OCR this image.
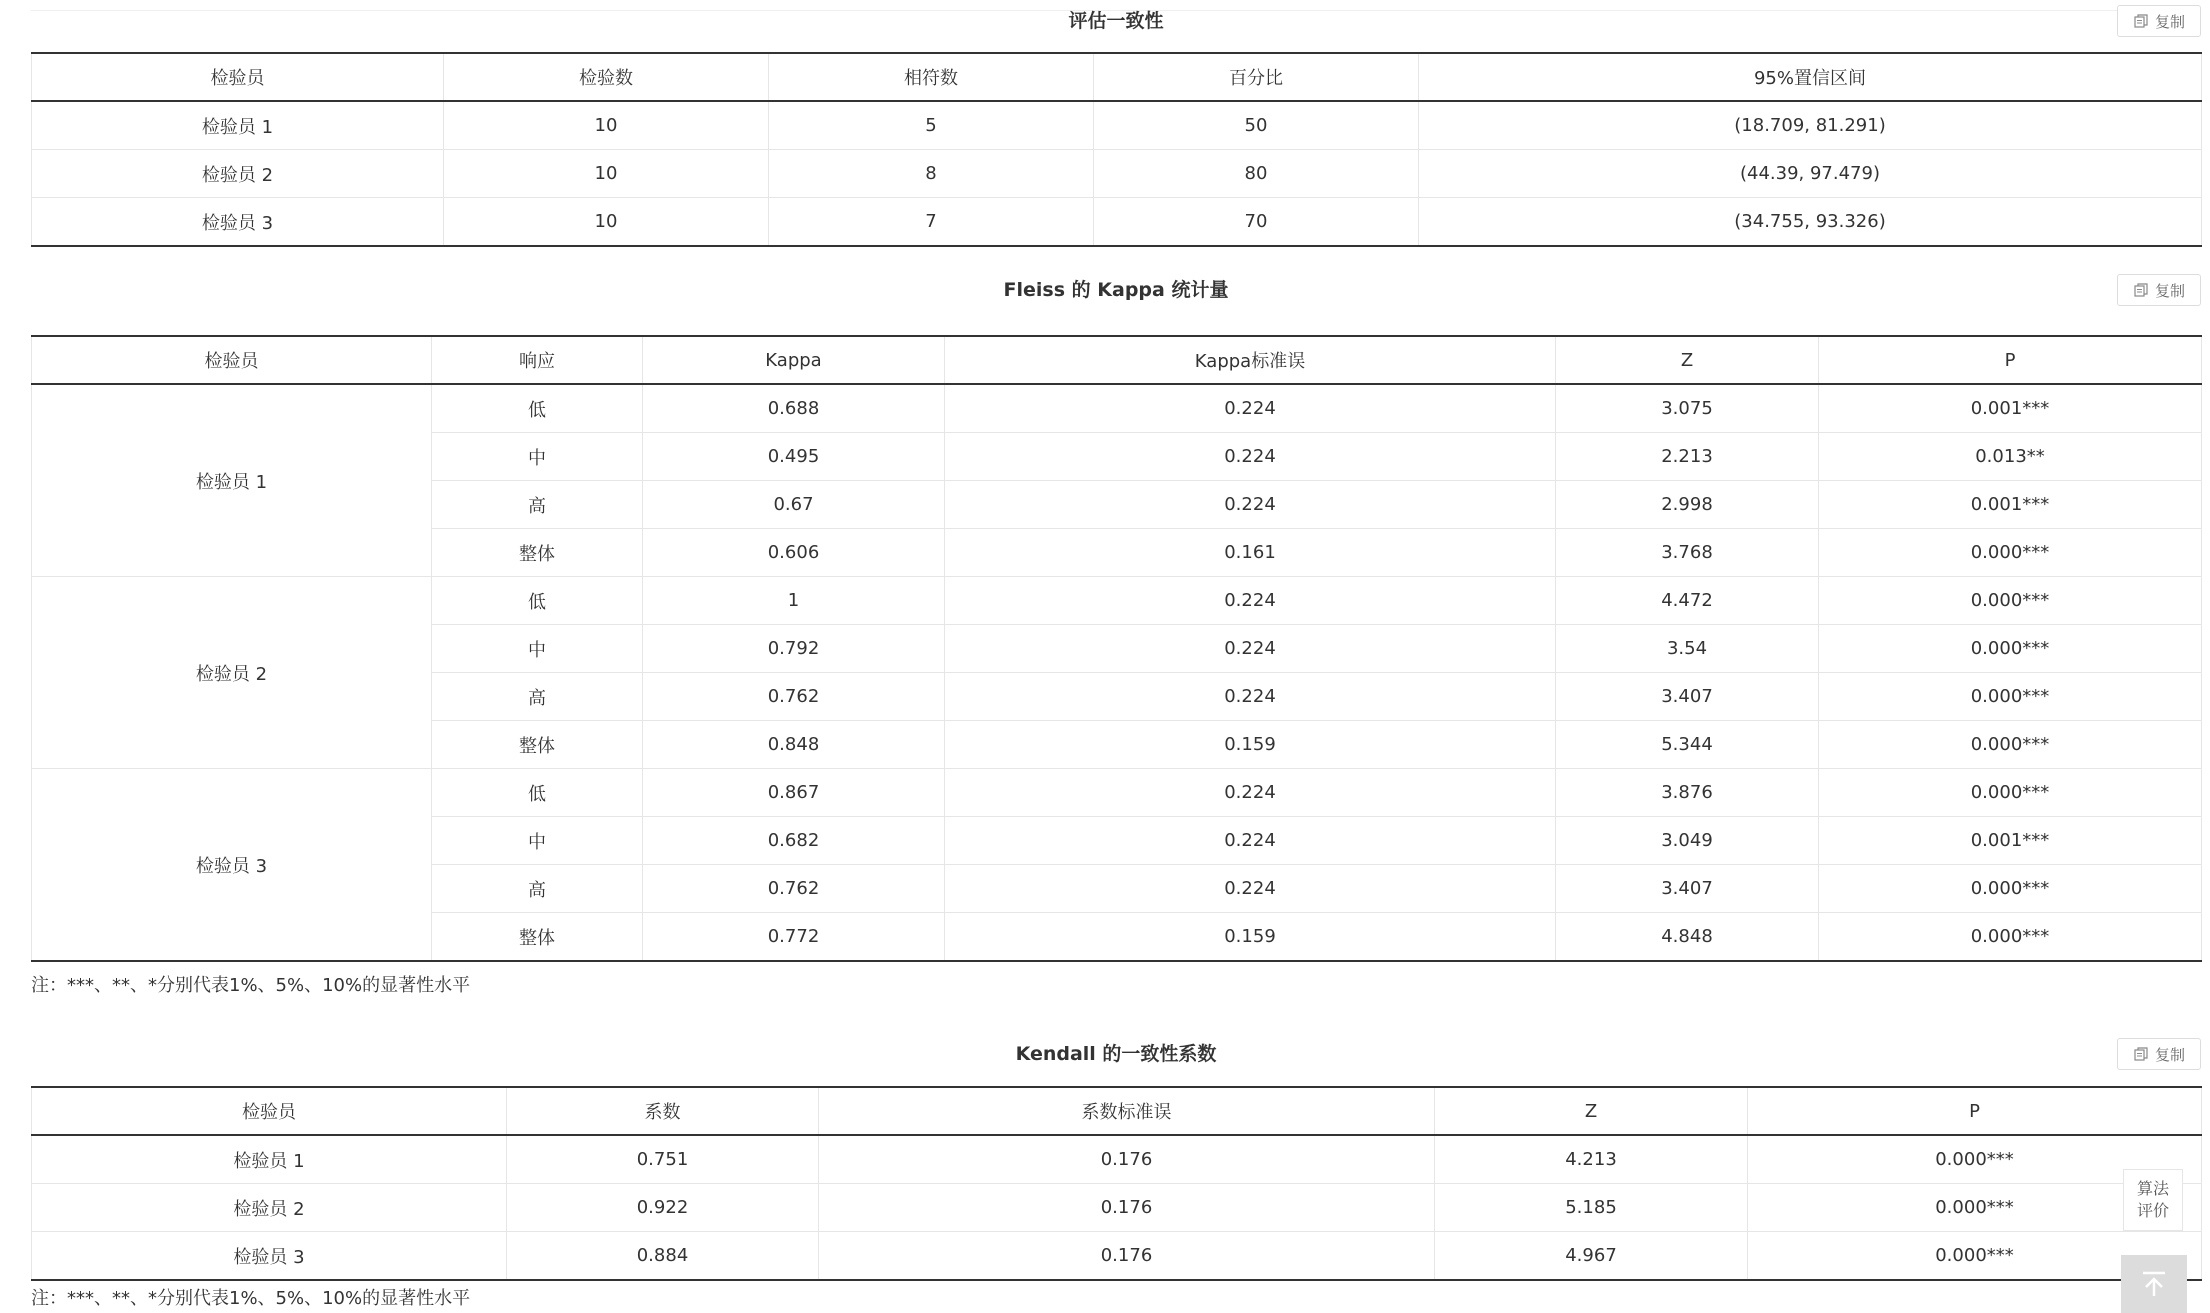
评估一致性	复制
检验员	检验数	相符数	百分比	95%置信区间
检验员 1	10	5	50	(18.709, 81.291)
检验员 2	10	8	80	(44.39, 97.479)
检验员 3	10	7	70	(34.755, 93.326)
Fleiss 的 Kappa 统计量	复制
检验员	响应	Kappa	Kappa标准误	Z	P
检验员 1	低	0.688	0.224	3.075	0.001***
	中	0.495	0.224	2.213	0.013**
	高	0.67	0.224	2.998	0.001***
	整体	0.606	0.161	3.768	0.000***
检验员 2	低	1	0.224	4.472	0.000***
	中	0.792	0.224	3.54	0.000***
	高	0.762	0.224	3.407	0.000***
	整体	0.848	0.159	5.344	0.000***
检验员 3	低	0.867	0.224	3.876	0.000***
	中	0.682	0.224	3.049	0.001***
	高	0.762	0.224	3.407	0.000***
	整体	0.772	0.159	4.848	0.000***
注：***、**、*分别代表1%、5%、10%的显著性水平
Kendall 的一致性系数	复制
检验员	系数	系数标准误	Z	P
检验员 1	0.751	0.176	4.213	0.000***
检验员 2	0.922	0.176	5.185	0.000***
检验员 3	0.884	0.176	4.967	0.000***
注：***、**、*分别代表1%、5%、10%的显著性水平
算法
评价
